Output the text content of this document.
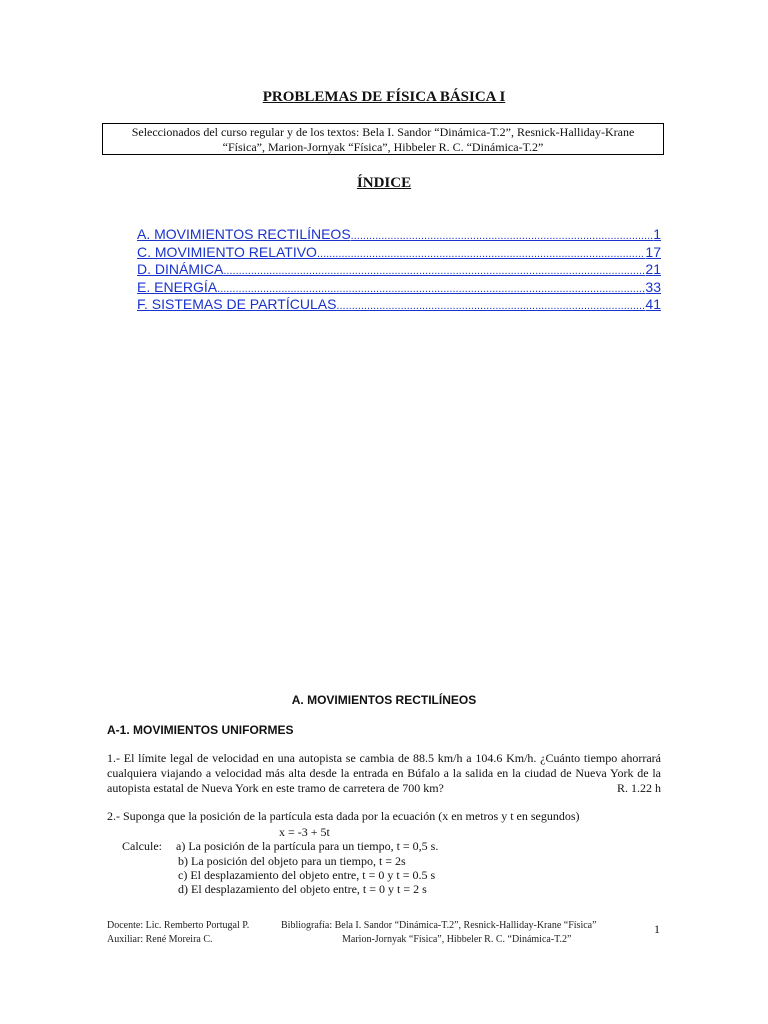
PROBLEMAS DE FÍSICA BÁSICA I
Seleccionados del curso regular y de los textos: Bela I. Sandor “Dinámica-T.2”, Resnick-Halliday-Krane
“Física”, Marion-Jornyak “Física”, Hibbeler R. C. “Dinámica-T.2”
ÍNDICE
A. MOVIMIENTOS RECTILÍNEOS .....	1
C. MOVIMIENTO RELATIVO .....	17
D. DINÁMICA .....	21
E. ENERGÍA .....	33
F. SISTEMAS DE PARTÍCULAS .....	41
A. MOVIMIENTOS RECTILÍNEOS
A-1. MOVIMIENTOS UNIFORMES
1.- El límite legal de velocidad en una autopista se cambia de 88.5 km/h a 104.6 Km/h. ¿Cuánto tiempo ahorrará cualquiera viajando a velocidad más alta desde la entrada en Búfalo a la salida en la ciudad de Nueva York de la autopista estatal de Nueva York en este tramo de carretera de 700 km?	R. 1.22 h
2.- Suponga que la posición de la partícula esta dada por la ecuación (x en metros y t en segundos)
x = -3 + 5t
Calcule: a) La posición de la partícula para un tiempo, t = 0,5 s.
b) La posición del objeto para un tiempo, t = 2s
c) El desplazamiento del objeto entre, t = 0 y t = 0.5 s
d) El desplazamiento del objeto entre, t = 0 y t = 2 s
Docente: Lic. Remberto Portugal P.
Auxiliar: René Moreira C.
Bibliografía: Bela I. Sandor “Dinámica-T.2”, Resnick-Halliday-Krane “Física”
Marion-Jornyak “Física”, Hibbeler R. C. “Dinámica-T.2”
1
